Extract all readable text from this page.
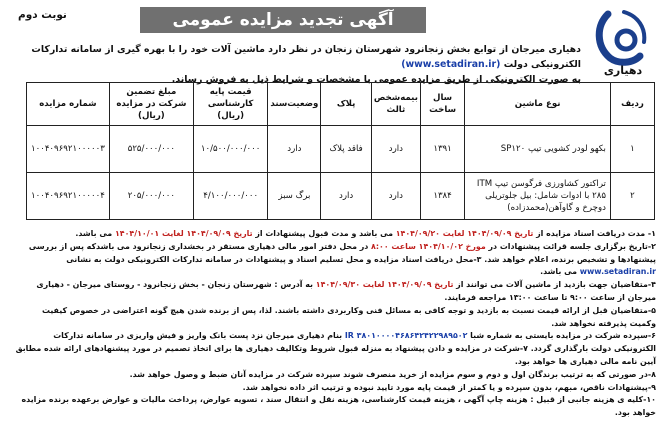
نوبت دوم	آگهی تجدید مزایده عمومی
دهیاری
دهیاری میرجان از توابع بخش زنجانرود شهرستان زنجان در نظر دارد ماشین آلات خود را با بهره گیری از سامانه تدارکات الکترونیکی دولت (www.setadiran.ir)
به صورت الکترونیکی از طریق مزایده عمومی با مشخصات و شرایط ذیل به فروش رساند.
ردیف	نوع ماشین	سال ساخت	بیمه‌شخص ثالث	پلاک	وضعیت‌سند	قیمت پایه کارشناسی (ریال)	مبلغ تضمین شرکت در مزایده (ریال)	شماره مزایده
۱	بکهو لودر کشویی تیپ SP۱۲۰	۱۳۹۱	دارد	فاقد پلاک	دارد	۱۰/۵۰۰/۰۰۰/۰۰۰	۵۲۵/۰۰۰/۰۰۰	۱۰۰۴۰۹۶۹۲۱۰۰۰۰۰۳
۲	تراکتور کشاورزی فرگوسن تیپ ITM ۲۸۵ با ادوات شامل: بیل جلوتریلی دوچرخ و گاوآهن(محمدزاده)	۱۳۸۴	دارد	دارد	برگ سبز	۴/۱۰۰/۰۰۰/۰۰۰	۲۰۵/۰۰۰/۰۰۰	۱۰۰۴۰۹۶۹۲۱۰۰۰۰۰۴

۱- مدت دریافت اسناد مزایده از تاریخ ۱۴۰۴/۰۹/۰۹ لغایت ۱۴۰۴/۰۹/۲۰ می باشد و مدت قبول پیشنهادات از تاریخ ۱۴۰۴/۰۹/۰۹ لغایت ۱۴۰۴/۱۰/۰۱ می باشد.

۲-تاریخ برگزاری جلسه قرائت پیشنهادات در مورخ ۱۴۰۴/۱۰/۰۲ ساعت ۸:۰۰ در محل دفتر امور مالی دهیاری مستقر در بخشداری زنجانرود می باشدکه پس از بررسی پیشنهادها و تشخیص برنده، اعلام خواهد شد. ۳-محل دریافت اسناد مزایده و محل تسلیم اسناد و پیشنهادات در سامانه تدارکات الکترونیکی دولت به نشانی www.setadiran.ir می باشد.

۴-متقاضیان جهت بازدید از ماشین آلات می توانند از تاریخ ۱۴۰۴/۰۹/۰۹ لغایت ۱۴۰۴/۰۹/۳۰ به آدرس : شهرستان زنجان - بخش زنجانرود - روستای میرجان - دهیاری میرجان از ساعت ۹:۰۰ تا ساعت ۱۳:۰۰ مراجعه فرمایند.

۵-متقاضیان قبل از ارائه قیمت نسبت به بازدید و توجه کافی به مسائل فنی وکاربردی داشته باشند. لذا، پس از برنده شدن هیچ گونه اعتراضی در خصوص کیفیت وکمیت پذیرفته نخواهد شد.

۶-سپرده شرکت در مزایده بایستی به شماره شبا IR ۳۸۰۱۰۰۰۰۴۶۸۶۴۲۴۲۲۹۸۹۵۰۲ بنام دهیاری میرجان نزد پست بانک واریز و فیش واریزی در سامانه تدارکات الکترونیکی دولت بارگذاری گردد. ۷-شرکت در مزایده و دادن پیشنهاد به منزله قبول شروط وتکالیف دهیاری ها برای اتخاذ تصمیم در مورد پیشنهادهای ارائه شده مطابق آیین نامه مالی دهیاری ها خواهد بود.

۸-در صورتی که به ترتیب برندگان اول و دوم و سوم مزایده از خرید منصرف شوند سپرده شرکت در مزایده آنان ضبط و وصول خواهد شد.

۹-پیشنهادات ناقص، مبهم، بدون سپرده و یا کمتر از قیمت پایه مورد تایید نبوده و ترتیب اثر داده نخواهد شد.

۱۰-کلیه ی هزینه جانبی از قبیل : هزینه چاپ آگهی ، هزینه قیمت کارشناسی، هزینه نقل و انتقال سند ، تسویه عوارض، پرداخت مالیات و عوارض برعهده برنده مزایده خواهد بود.
